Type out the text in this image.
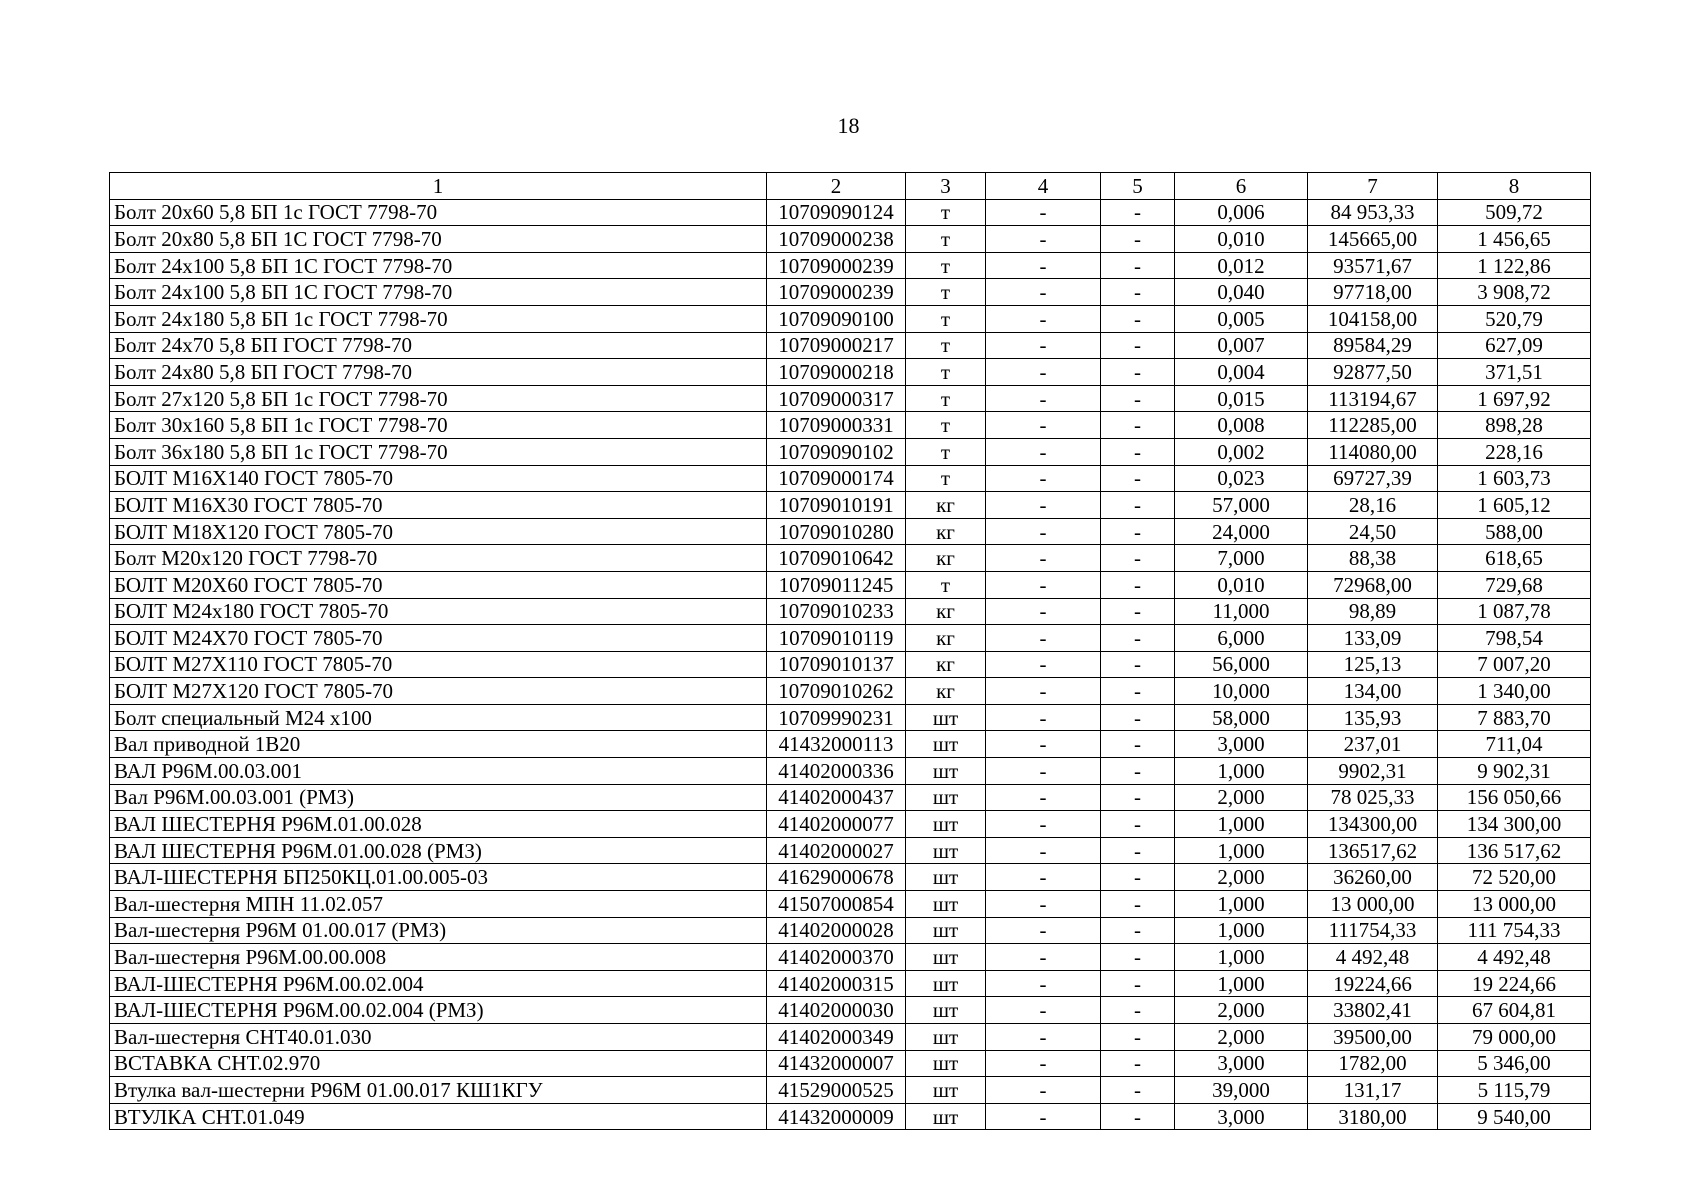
18
1	2	3	4	5	6	7	8
Болт 20х60 5,8 БП 1с ГОСТ 7798-70	10709090124	т	-	-	0,006	84 953,33	509,72
Болт 20х80 5,8 БП 1С ГОСТ 7798-70	10709000238	т	-	-	0,010	145665,00	1 456,65
Болт 24х100 5,8 БП 1С ГОСТ 7798-70	10709000239	т	-	-	0,012	93571,67	1 122,86
Болт 24х100 5,8 БП 1С ГОСТ 7798-70	10709000239	т	-	-	0,040	97718,00	3 908,72
Болт 24х180 5,8 БП 1с ГОСТ 7798-70	10709090100	т	-	-	0,005	104158,00	520,79
Болт 24х70 5,8 БП ГОСТ 7798-70	10709000217	т	-	-	0,007	89584,29	627,09
Болт 24х80 5,8 БП ГОСТ 7798-70	10709000218	т	-	-	0,004	92877,50	371,51
Болт 27х120 5,8 БП 1с ГОСТ 7798-70	10709000317	т	-	-	0,015	113194,67	1 697,92
Болт 30х160 5,8 БП 1с ГОСТ 7798-70	10709000331	т	-	-	0,008	112285,00	898,28
Болт 36х180 5,8 БП 1с ГОСТ 7798-70	10709090102	т	-	-	0,002	114080,00	228,16
БОЛТ М16Х140 ГОСТ 7805-70	10709000174	т	-	-	0,023	69727,39	1 603,73
БОЛТ М16Х30 ГОСТ 7805-70	10709010191	кг	-	-	57,000	28,16	1 605,12
БОЛТ М18Х120 ГОСТ 7805-70	10709010280	кг	-	-	24,000	24,50	588,00
Болт М20х120 ГОСТ 7798-70	10709010642	кг	-	-	7,000	88,38	618,65
БОЛТ М20Х60 ГОСТ 7805-70	10709011245	т	-	-	0,010	72968,00	729,68
БОЛТ М24х180 ГОСТ 7805-70	10709010233	кг	-	-	11,000	98,89	1 087,78
БОЛТ М24Х70 ГОСТ 7805-70	10709010119	кг	-	-	6,000	133,09	798,54
БОЛТ М27Х110 ГОСТ 7805-70	10709010137	кг	-	-	56,000	125,13	7 007,20
БОЛТ М27Х120 ГОСТ 7805-70	10709010262	кг	-	-	10,000	134,00	1 340,00
Болт специальный М24 х100	10709990231	шт	-	-	58,000	135,93	7 883,70
Вал приводной 1В20	41432000113	шт	-	-	3,000	237,01	711,04
ВАЛ Р96М.00.03.001	41402000336	шт	-	-	1,000	9902,31	9 902,31
Вал Р96М.00.03.001 (РМЗ)	41402000437	шт	-	-	2,000	78 025,33	156 050,66
ВАЛ ШЕСТЕРНЯ Р96М.01.00.028	41402000077	шт	-	-	1,000	134300,00	134 300,00
ВАЛ ШЕСТЕРНЯ Р96М.01.00.028 (РМЗ)	41402000027	шт	-	-	1,000	136517,62	136 517,62
ВАЛ-ШЕСТЕРНЯ БП250КЦ.01.00.005-03	41629000678	шт	-	-	2,000	36260,00	72 520,00
Вал-шестерня МПН 11.02.057	41507000854	шт	-	-	1,000	13 000,00	13 000,00
Вал-шестерня Р96М 01.00.017 (РМЗ)	41402000028	шт	-	-	1,000	111754,33	111 754,33
Вал-шестерня Р96М.00.00.008	41402000370	шт	-	-	1,000	4 492,48	4 492,48
ВАЛ-ШЕСТЕРНЯ Р96М.00.02.004	41402000315	шт	-	-	1,000	19224,66	19 224,66
ВАЛ-ШЕСТЕРНЯ Р96М.00.02.004 (РМЗ)	41402000030	шт	-	-	2,000	33802,41	67 604,81
Вал-шестерня СНТ40.01.030	41402000349	шт	-	-	2,000	39500,00	79 000,00
ВСТАВКА СНТ.02.970	41432000007	шт	-	-	3,000	1782,00	5 346,00
Втулка вал-шестерни Р96М 01.00.017 КШ1КГУ	41529000525	шт	-	-	39,000	131,17	5 115,79
ВТУЛКА СНТ.01.049	41432000009	шт	-	-	3,000	3180,00	9 540,00
